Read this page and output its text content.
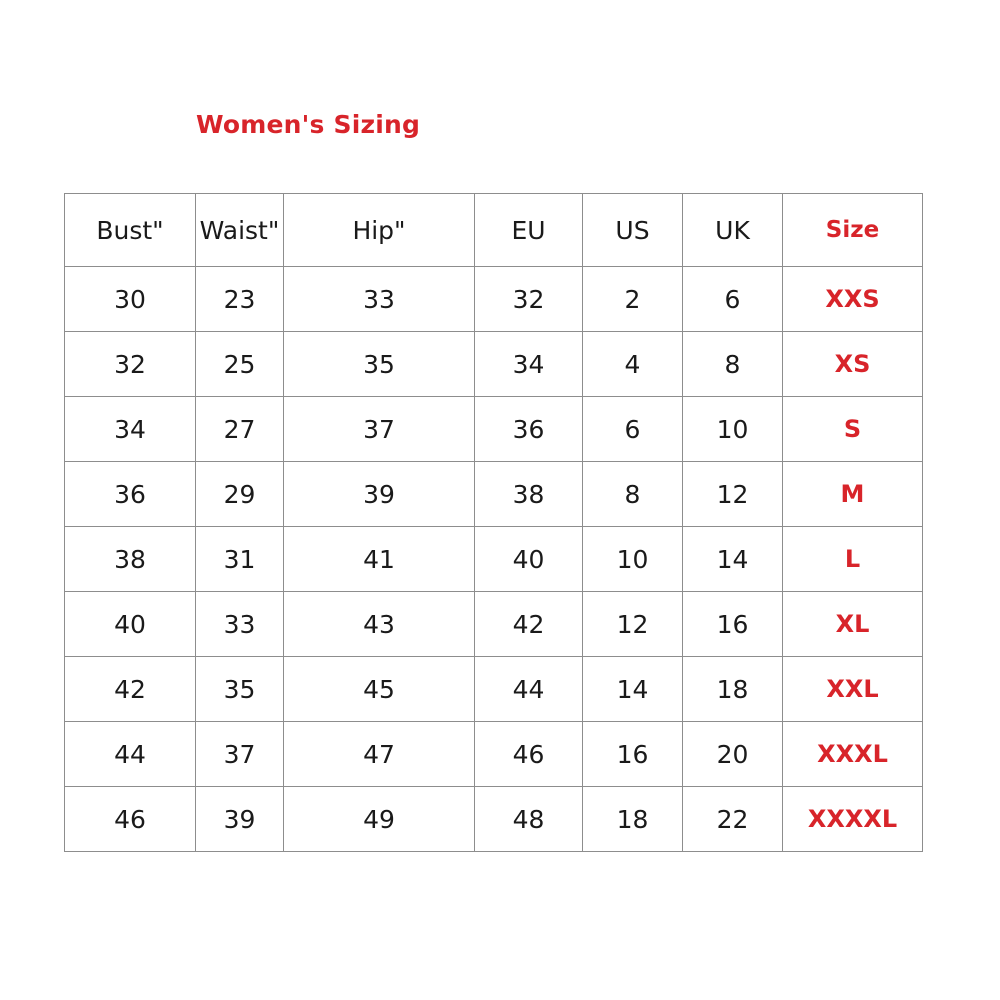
Women's Sizing
Bust"	Waist"	Hip"	EU	US	UK	Size
30	23	33	32	2	6	XXS
32	25	35	34	4	8	XS
34	27	37	36	6	10	S
36	29	39	38	8	12	M
38	31	41	40	10	14	L
40	33	43	42	12	16	XL
42	35	45	44	14	18	XXL
44	37	47	46	16	20	XXXL
46	39	49	48	18	22	XXXXL
